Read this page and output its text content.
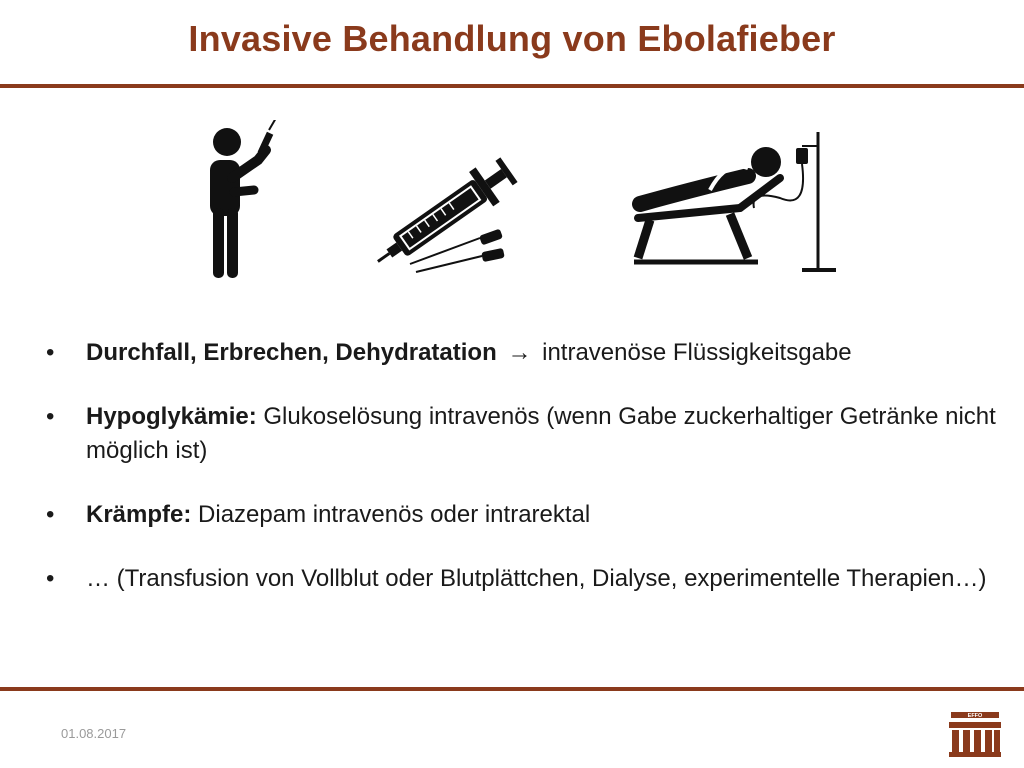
Invasive Behandlung von Ebolafieber
• Durchfall, Erbrechen, Dehydratation → intravenöse Flüssigkeitsgabe
• Hypoglykämie: Glukoselösung intravenös (wenn Gabe zuckerhaltiger Getränke nicht möglich ist)
• Krämpfe: Diazepam intravenös oder intrarektal
• … (Transfusion von Vollblut oder Blutplättchen, Dialyse, experimentelle Therapien…)
01.08.2017
EFFO
